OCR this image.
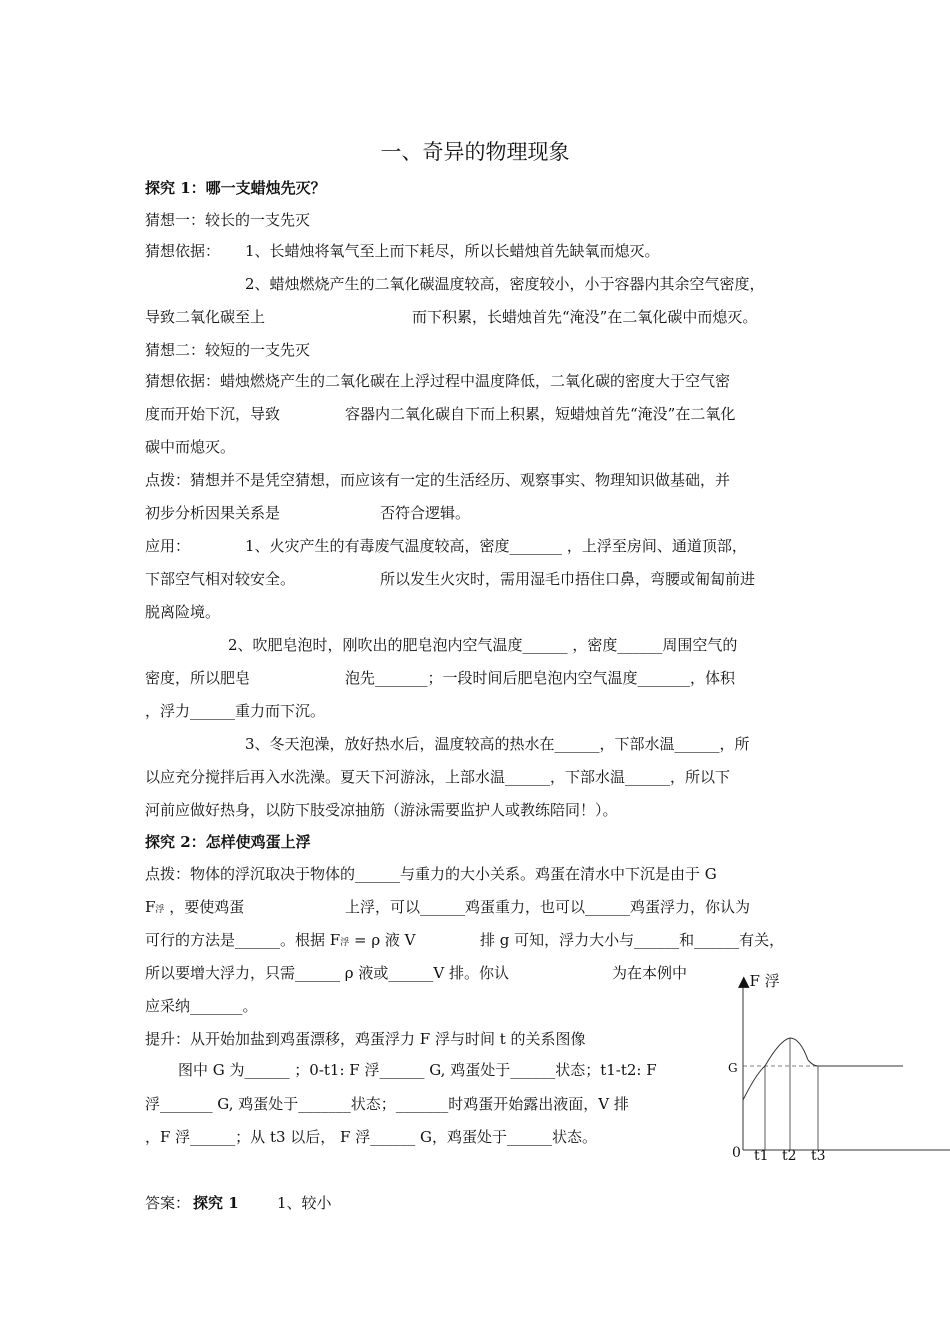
一、奇异的物理现象
探究 1：哪一支蜡烛先灭？
猜想一：较长的一支先灭
猜想依据： 1、长蜡烛将氧气至上而下耗尽，所以长蜡烛首先缺氧而熄灭。
2、蜡烛燃烧产生的二氧化碳温度较高，密度较小，小于容器内其余空气密度，
导致二氧化碳至上	而下积累，长蜡烛首先“淹没”在二氧化碳中而熄灭。
猜想二：较短的一支先灭
猜想依据：蜡烛燃烧产生的二氧化碳在上浮过程中温度降低，二氧化碳的密度大于空气密
度而开始下沉，导致	容器内二氧化碳自下而上积累，短蜡烛首先“淹没”在二氧化
碳中而熄灭。
点拨：猜想并不是凭空猜想，而应该有一定的生活经历、观察事实、物理知识做基础，并
初步分析因果关系是	否符合逻辑。
应用：	1、火灾产生的有毒废气温度较高，密度_______ ，上浮至房间、通道顶部，
下部空气相对较安全。	所以发生火灾时，需用湿毛巾捂住口鼻，弯腰或匍匐前进
脱离险境。
2、吹肥皂泡时，刚吹出的肥皂泡内空气温度______ ，密度______周围空气的
密度，所以肥皂	泡先_______；一段时间后肥皂泡内空气温度_______，体积
，浮力______重力而下沉。
3、冬天泡澡，放好热水后，温度较高的热水在______，下部水温______，所
以应充分搅拌后再入水洗澡。夏天下河游泳，上部水温______，下部水温______，所以下
河前应做好热身，以防下肢受凉抽筋（游泳需要监护人或教练陪同！）。
探究 2：怎样使鸡蛋上浮
点拨：物体的浮沉取决于物体的______与重力的大小关系。鸡蛋在清水中下沉是由于 G
F浮 ，要使鸡蛋	上浮，可以______鸡蛋重力，也可以______鸡蛋浮力，你认为
可行的方法是______。根据 F浮 = ρ 液 V	排 g 可知，浮力大小与______和______有关，
所以要增大浮力，只需______ ρ 液或______V 排。你认	为在本例中
应采纳_______。
提升：从开始加盐到鸡蛋漂移，鸡蛋浮力 F 浮与时间 t 的关系图像
图中 G 为______ ；0-t1: F 浮______ G, 鸡蛋处于______状态；t1-t2: F
浮_______ G, 鸡蛋处于_______状态；_______时鸡蛋开始露出液面，V 排
，F 浮______；从 t3 以后， F 浮______ G，鸡蛋处于______状态。
▲F 浮
G
0 t1 t2 t3
答案： 探究 1	1、较小
